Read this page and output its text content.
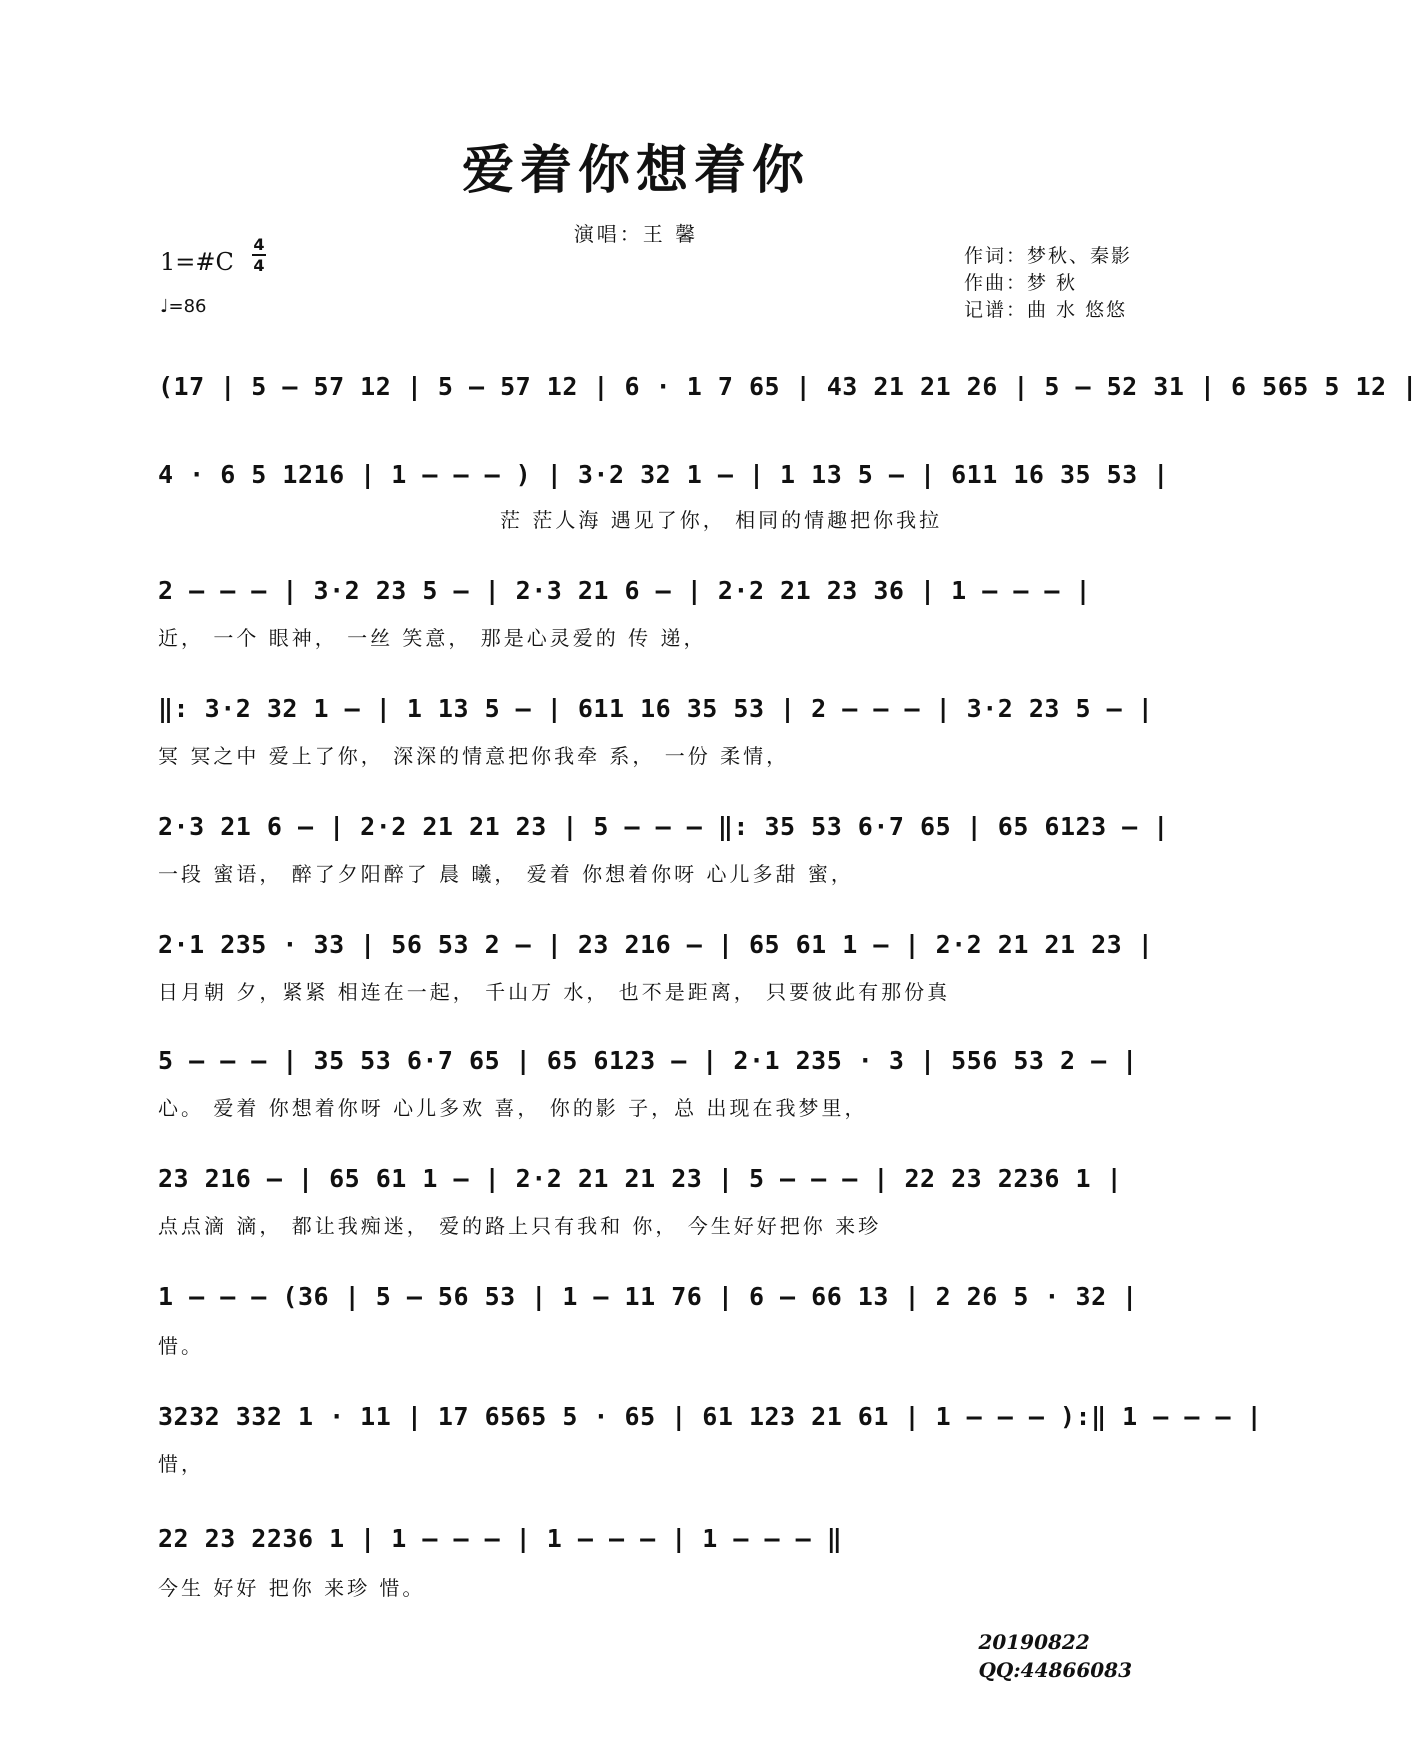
爱着你想着你
演唱：王 馨
作词：梦秋、秦影
作曲：梦 秋
记谱：曲 水 悠悠
1=#C
4
4
♩=86
(17 | 5 – 57 12 | 5 – 57 12 | 6 · 1 7 65 | 43 21 21 26 | 5 – 52 31 | 6 565 5 12 |
4 · 6 5 1216 | 1 – – – ) | 3·2 32 1 – | 1 13 5 – | 611 16 35 53 |
茫 茫人海 遇见了你， 相同的情趣把你我拉
2 – – – | 3·2 23 5 – | 2·3 21 6 – | 2·2 21 23 36 | 1 – – – |
近， 一个 眼神， 一丝 笑意， 那是心灵爱的 传 递，
‖: 3·2 32 1 – | 1 13 5 – | 611 16 35 53 | 2 – – – | 3·2 23 5 – |
冥 冥之中 爱上了你， 深深的情意把你我牵 系， 一份 柔情，
2·3 21 6 – | 2·2 21 21 23 | 5 – – – ‖: 35 53 6·7 65 | 65 6123 – |
一段 蜜语， 醉了夕阳醉了 晨 曦， 爱着 你想着你呀 心儿多甜 蜜，
2·1 235 · 33 | 56 53 2 – | 23 216 – | 65 61 1 – | 2·2 21 21 23 |
日月朝 夕，紧紧 相连在一起， 千山万 水， 也不是距离， 只要彼此有那份真
5 – – – | 35 53 6·7 65 | 65 6123 – | 2·1 235 · 3 | 556 53 2 – |
心。 爱着 你想着你呀 心儿多欢 喜， 你的影 子，总 出现在我梦里，
23 216 – | 65 61 1 – | 2·2 21 21 23 | 5 – – – | 22 23 2236 1 |
点点滴 滴， 都让我痴迷， 爱的路上只有我和 你， 今生好好把你 来珍
1 – – – (36 | 5 – 56 53 | 1 – 11 76 | 6 – 66 13 | 2 26 5 · 32 |
惜。
3232 332 1 · 11 | 17 6565 5 · 65 | 61 123 21 61 | 1 – – – ):‖ 1 – – – |
惜，
22 23 2236 1 | 1 – – – | 1 – – – | 1 – – – ‖
今生 好好 把你 来珍 惜。
20190822
QQ:44866083
